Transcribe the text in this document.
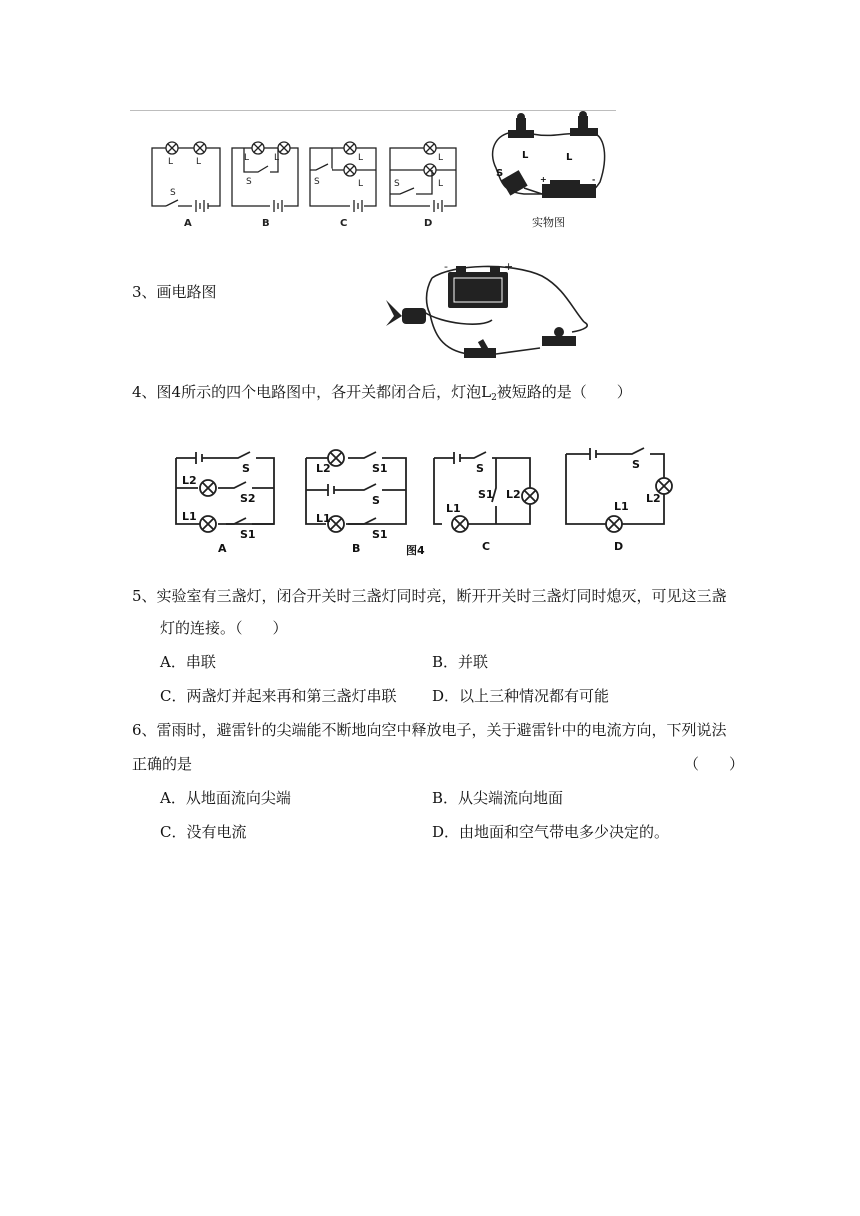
L	L
S
L	L
S
L
L
S
L
L
S
A	B	C	D
L	L
S
+	-
实物图
3、画电路图
-	+
4、图4所示的四个电路图中，各开关都闭合后，灯泡$L_2$被短路的是（　　）
S
L2
S2
L1
S1
L2	S1
S
L1
S1
S
S1 L2
L1
S
L2
L1
A	B	图4	C	D
5、实验室有三盏灯，闭合开关时三盏灯同时亮，断开开关时三盏灯同时熄灭，可见这三盏
灯的连接。（　　）
A．串联	B．并联
C．两盏灯并起来再和第三盏灯串联 D．以上三种情况都有可能
6、雷雨时，避雷针的尖端能不断地向空中释放电子，关于避雷针中的电流方向，下列说法
正确的是	（　　）
A．从地面流向尖端	B．从尖端流向地面
C．没有电流	D．由地面和空气带电多少决定的。
